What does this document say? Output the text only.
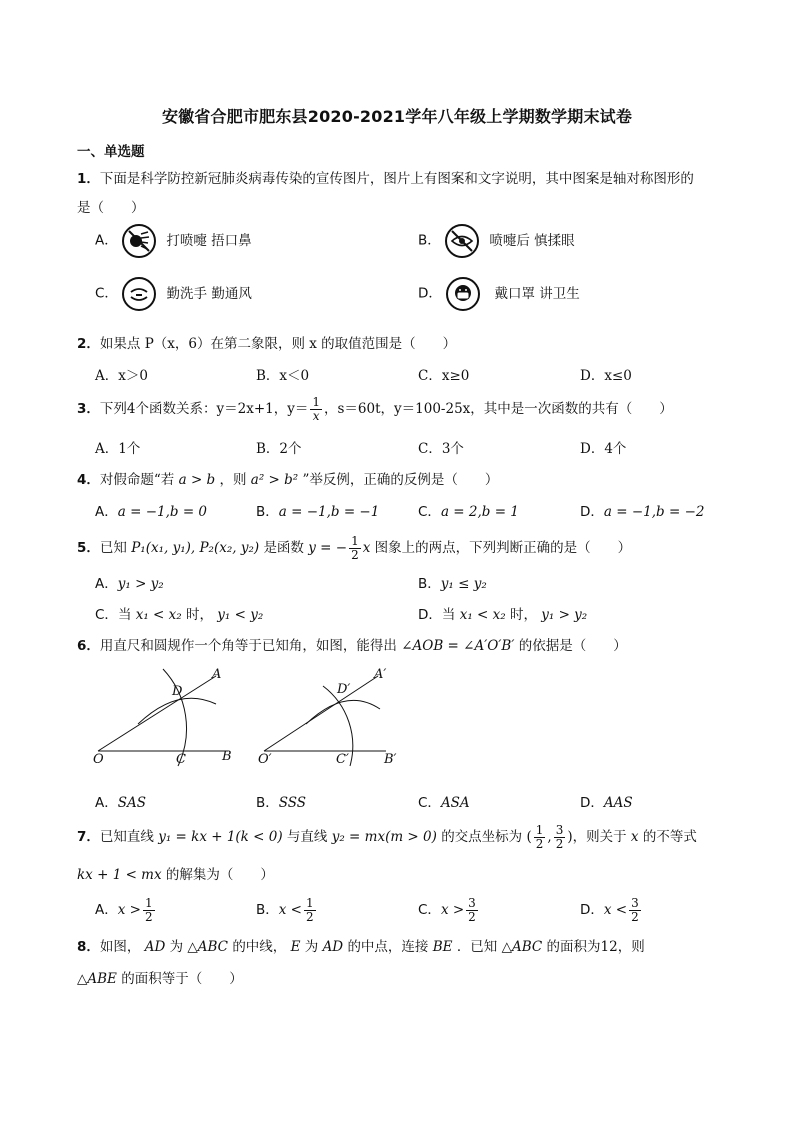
安徽省合肥市肥东县2020-2021学年八年级上学期数学期末试卷
一、单选题
1．下面是科学防控新冠肺炎病毒传染的宣传图片，图片上有图案和文字说明，其中图案是轴对称图形的
是（　　）
A．	打喷嚏 捂口鼻	B．	喷嚏后 慎揉眼
C．	勤洗手 勤通风	D．	戴口罩 讲卫生
2．如果点 P（x，6）在第二象限，则 x 的取值范围是（　　）
A．x＞0	B．x＜0	C．x≥0	D．x≤0
3．下列4个函数关系：y＝2x+1，$y= \frac{1}{x}$ ，s＝60t，y＝100-25x，其中是一次函数的共有（　　）
A．1个	B．2个	C．3个	D．4个
4．对假命题“若 a > b ，则 a² > b² ”举反例，正确的反例是（　　）
A．a = −1,b = 0	B．a = −1,b = −1	C．a = 2,b = 1	D．a = −1,b = −2
5．已知 P₁(x₁, y₁), P₂(x₂, y₂) 是函数 y = − $\frac{1}{2}$ x 图象上的两点，下列判断正确的是（　　）
A．y₁ > y₂	B．y₁ ≤ y₂
C．当 x₁ < x₂ 时， y₁ < y₂	D．当 x₁ < x₂ 时， y₁ > y₂
6．用直尺和圆规作一个角等于已知角，如图，能得出 ∠AOB = ∠A′O′B′ 的依据是（　　）
O
A
B
C
D
O′
A′
B′
C′
D′
A．SAS	B．SSS	C．ASA	D．AAS
7．已知直线 y₁ = kx + 1(k < 0) 与直线 y₂ = mx(m > 0) 的交点坐标为 ( $\frac{1}{2}$ , $\frac{3}{2}$ )，则关于 x 的不等式
kx + 1 < mx 的解集为（　　）
A．$x > \frac{1}{2}$	B．$x < \frac{1}{2}$	C．$x > \frac{3}{2}$	D．$x < \frac{3}{2}$
8．如图， AD 为 △ABC 的中线， E 为 AD 的中点，连接 BE ．已知 △ABC 的面积为12，则
△ABE 的面积等于（　　）
